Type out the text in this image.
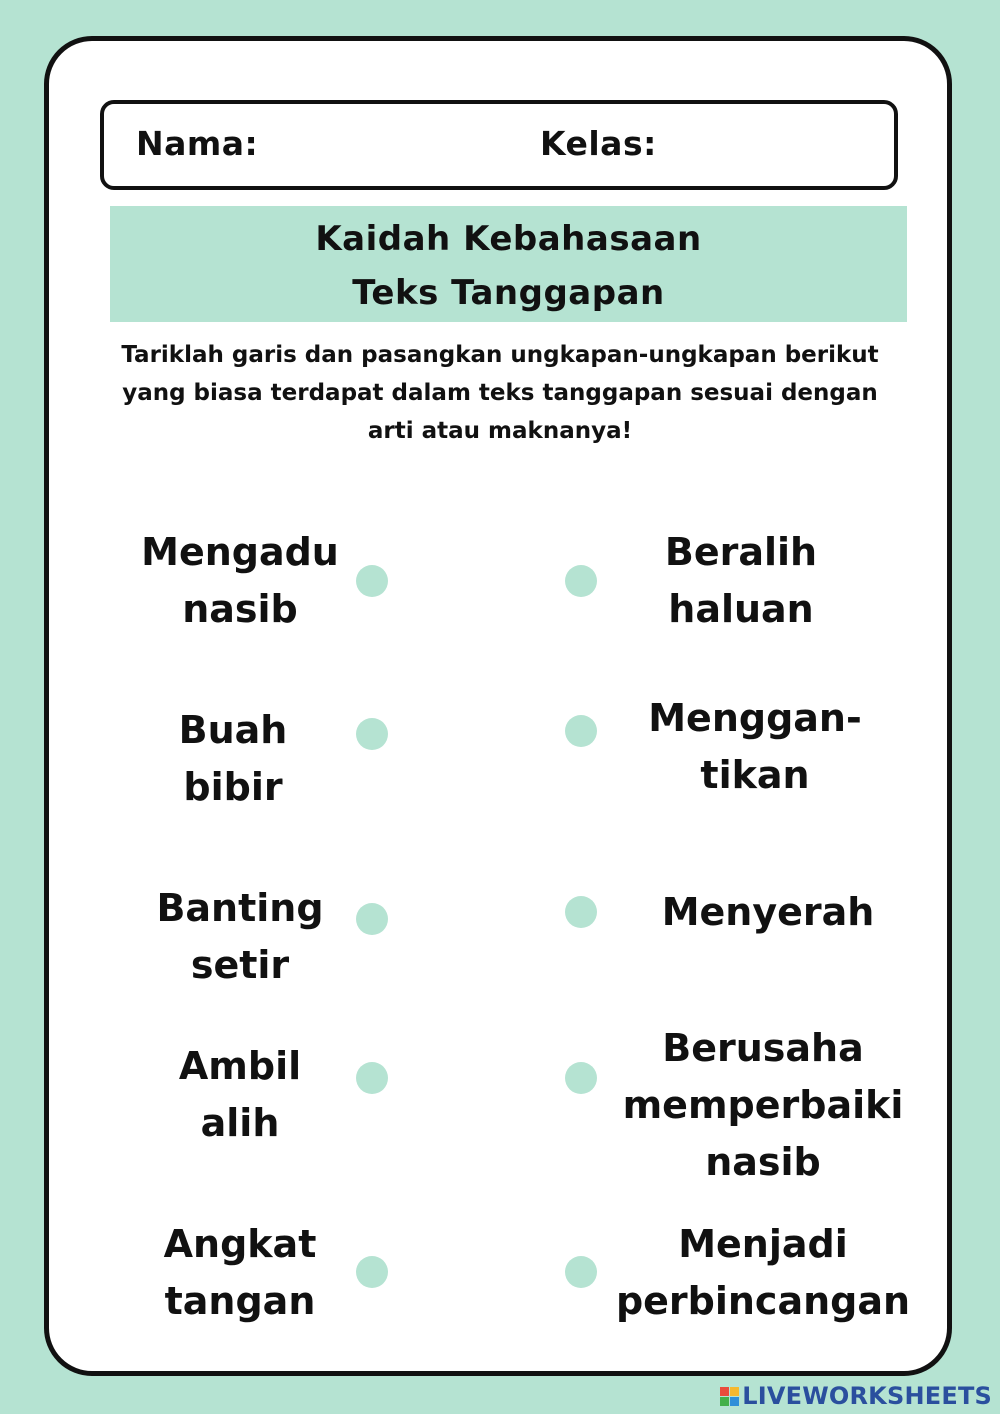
Nama:	Kelas:
Kaidah Kebahasaan
Teks Tanggapan
Tariklah garis dan pasangkan ungkapan-ungkapan berikut yang biasa terdapat dalam teks tanggapan sesuai dengan arti atau maknanya!
Mengadu
nasib
Buah
bibir
Banting
setir
Ambil
alih
Angkat
tangan
Beralih
haluan
Menggan-
tikan
Menyerah
Berusaha
memperbaiki
nasib
Menjadi
perbincangan
LIVEWORKSHEETS
